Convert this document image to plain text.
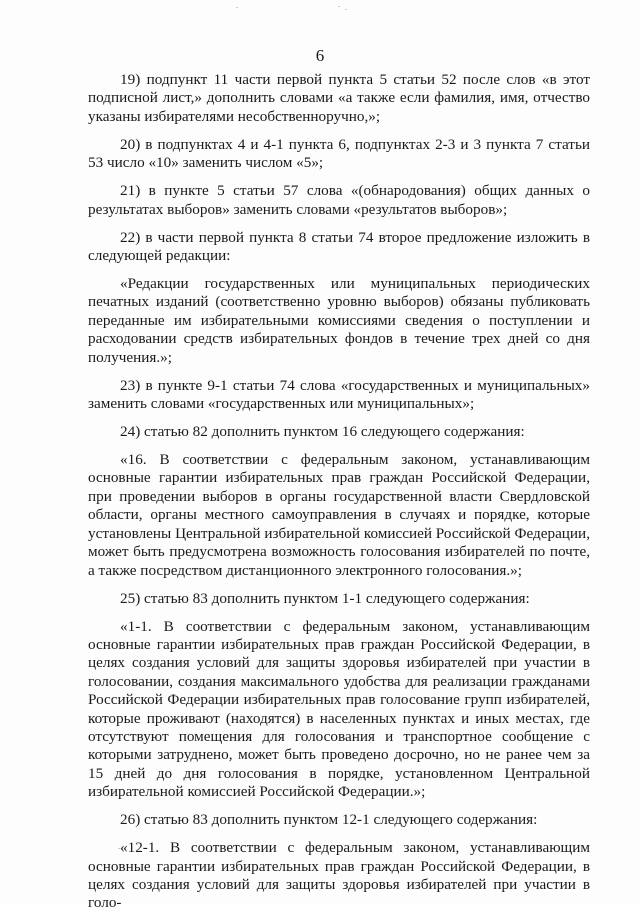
6

19) подпункт 11 части первой пункта 5 статьи 52 после слов «в этот подписной лист,» дополнить словами «а также если фамилия, имя, отчество указаны избирателями несобственноручно,»;

20) в подпунктах 4 и 4-1 пункта 6, подпунктах 2-3 и 3 пункта 7 статьи 53 число «10» заменить числом «5»;

21) в пункте 5 статьи 57 слова «(обнародования) общих данных о результатах выборов» заменить словами «результатов выборов»;

22) в части первой пункта 8 статьи 74 второе предложение изложить в следующей редакции:

«Редакции государственных или муниципальных периодических печатных изданий (соответственно уровню выборов) обязаны публиковать переданные им избирательными комиссиями сведения о поступлении и расходовании средств избирательных фондов в течение трех дней со дня получения.»;

23) в пункте 9-1 статьи 74 слова «государственных и муниципальных» заменить словами «государственных или муниципальных»;

24) статью 82 дополнить пунктом 16 следующего содержания:

«16. В соответствии с федеральным законом, устанавливающим основные гарантии избирательных прав граждан Российской Федерации, при проведении выборов в органы государственной власти Свердловской области, органы местного самоуправления в случаях и порядке, которые установлены Центральной избирательной комиссией Российской Федерации, может быть предусмотрена возможность голосования избирателей по почте, а также посредством дистанционного электронного голосования.»;

25) статью 83 дополнить пунктом 1-1 следующего содержания:

«1-1. В соответствии с федеральным законом, устанавливающим основные гарантии избирательных прав граждан Российской Федерации, в целях создания условий для защиты здоровья избирателей при участии в голосовании, создания максимального удобства для реализации гражданами Российской Федерации избирательных прав голосование групп избирателей, которые проживают (находятся) в населенных пунктах и иных местах, где отсутствуют помещения для голосования и транспортное сообщение с которыми затруднено, может быть проведено досрочно, но не ранее чем за 15 дней до дня голосования в порядке, установленном Центральной избирательной комиссией Российской Федерации.»;

26) статью 83 дополнить пунктом 12-1 следующего содержания:

«12-1. В соответствии с федеральным законом, устанавливающим основные гарантии избирательных прав граждан Российской Федерации, в целях создания условий для защиты здоровья избирателей при участии в голо-
